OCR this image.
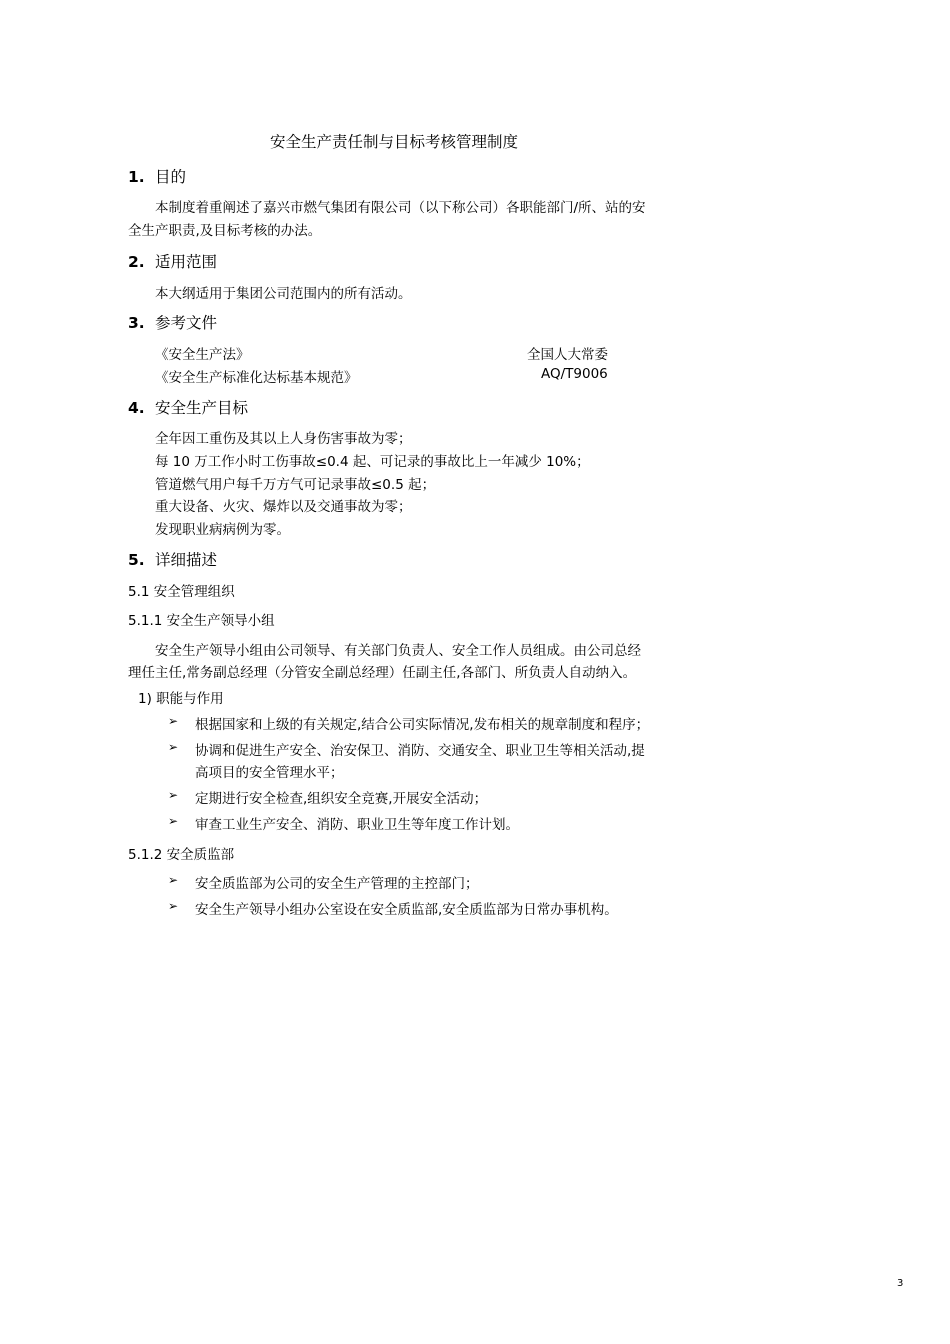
安全生产责任制与目标考核管理制度
1. 目的
本制度着重阐述了嘉兴市燃气集团有限公司（以下称公司）各职能部门/所、站的安
全生产职责,及目标考核的办法。
2. 适用范围
本大纲适用于集团公司范围内的所有活动。
3. 参考文件
《安全生产法》	全国人大常委
《安全生产标准化达标基本规范》	AQ/T9006
4. 安全生产目标
全年因工重伤及其以上人身伤害事故为零；
每 10 万工作小时工伤事故≤0.4 起、可记录的事故比上一年减少 10%；
管道燃气用户每千万方气可记录事故≤0.5 起；
重大设备、火灾、爆炸以及交通事故为零；
发现职业病病例为零。
5. 详细描述
5.1 安全管理组织
5.1.1 安全生产领导小组
安全生产领导小组由公司领导、有关部门负责人、安全工作人员组成。由公司总经
理任主任,常务副总经理（分管安全副总经理）任副主任,各部门、所负责人自动纳入。
1) 职能与作用
➢ 根据国家和上级的有关规定,结合公司实际情况,发布相关的规章制度和程序；
➢ 协调和促进生产安全、治安保卫、消防、交通安全、职业卫生等相关活动,提
高项目的安全管理水平；
➢ 定期进行安全检查,组织安全竞赛,开展安全活动；
➢ 审查工业生产安全、消防、职业卫生等年度工作计划。
5.1.2 安全质监部
➢ 安全质监部为公司的安全生产管理的主控部门；
➢ 安全生产领导小组办公室设在安全质监部,安全质监部为日常办事机构。
3
